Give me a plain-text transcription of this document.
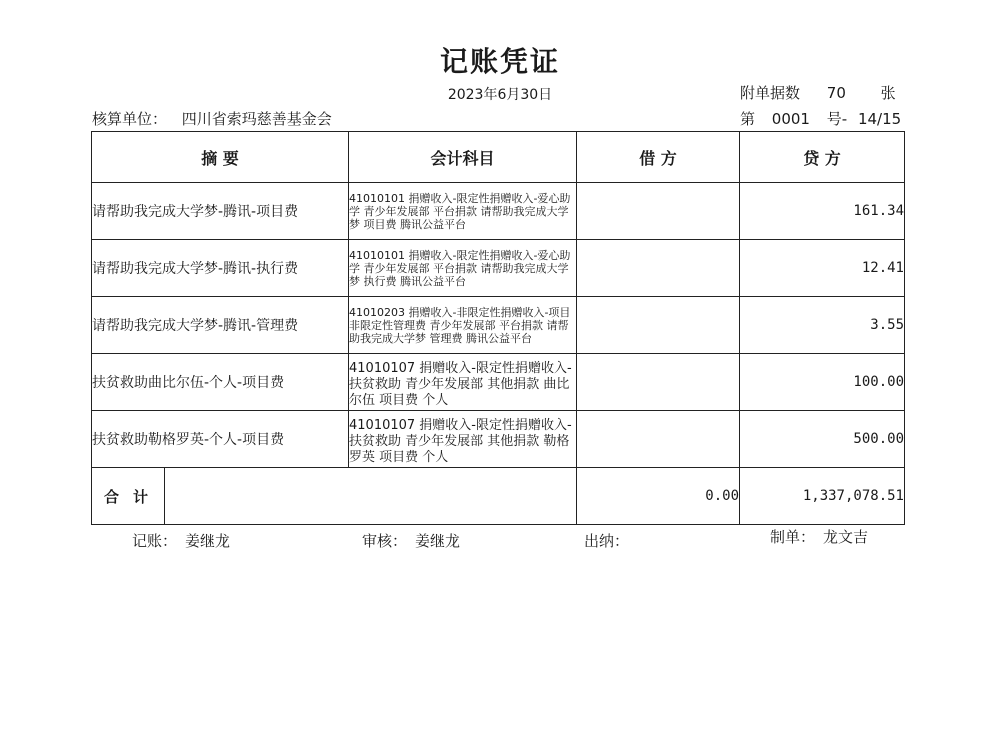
记账凭证
2023年6月30日	附单据数 70 张
核算单位： 四川省索玛慈善基金会	第 0001 号- 14/15
摘 要	会计科目	借 方	贷 方
请帮助我完成大学梦-腾讯-项目费	41010101 捐赠收入-限定性捐赠收入-爱心助学 青少年发展部 平台捐款 请帮助我完成大学梦 项目费 腾讯公益平台		161.34
请帮助我完成大学梦-腾讯-执行费	41010101 捐赠收入-限定性捐赠收入-爱心助学 青少年发展部 平台捐款 请帮助我完成大学梦 执行费 腾讯公益平台		12.41
请帮助我完成大学梦-腾讯-管理费	41010203 捐赠收入-非限定性捐赠收入-项目非限定性管理费 青少年发展部 平台捐款 请帮助我完成大学梦 管理费 腾讯公益平台		3.55
扶贫救助曲比尔伍-个人-项目费	41010107 捐赠收入-限定性捐赠收入-扶贫救助 青少年发展部 其他捐款 曲比尔伍 项目费 个人		100.00
扶贫救助勒格罗英-个人-项目费	41010107 捐赠收入-限定性捐赠收入-扶贫救助 青少年发展部 其他捐款 勒格罗英 项目费 个人		500.00

合计		0.00	1,337,078.51
记账： 姜继龙	审核： 姜继龙	出纳：	制单： 龙文吉
